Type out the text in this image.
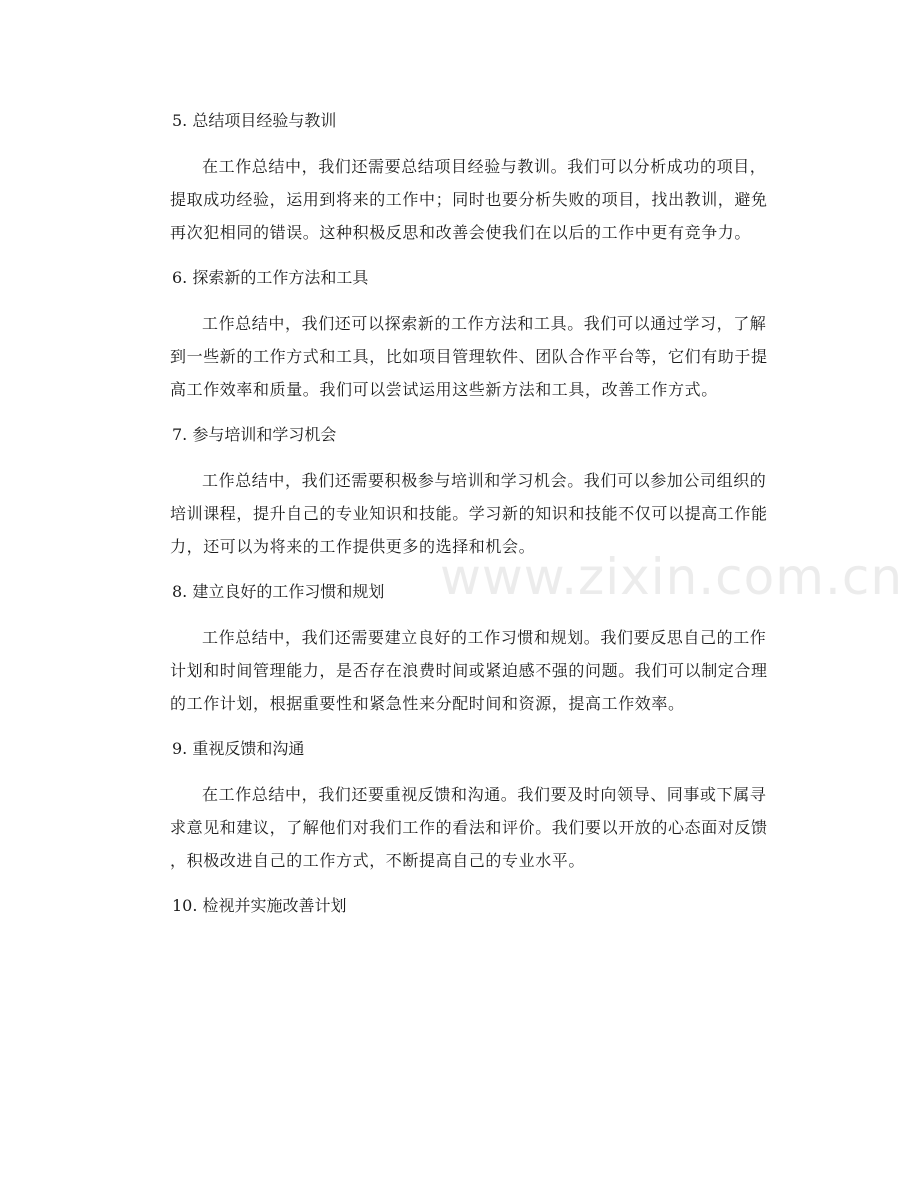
5. 总结项目经验与教训

在工作总结中，我们还需要总结项目经验与教训。我们可以分析成功的项目，
提取成功经验，运用到将来的工作中；同时也要分析失败的项目，找出教训，避免
再次犯相同的错误。这种积极反思和改善会使我们在以后的工作中更有竞争力。

6. 探索新的工作方法和工具

工作总结中，我们还可以探索新的工作方法和工具。我们可以通过学习，了解
到一些新的工作方式和工具，比如项目管理软件、团队合作平台等，它们有助于提
高工作效率和质量。我们可以尝试运用这些新方法和工具，改善工作方式。

7. 参与培训和学习机会

工作总结中，我们还需要积极参与培训和学习机会。我们可以参加公司组织的
培训课程，提升自己的专业知识和技能。学习新的知识和技能不仅可以提高工作能
力，还可以为将来的工作提供更多的选择和机会。

8. 建立良好的工作习惯和规划

工作总结中，我们还需要建立良好的工作习惯和规划。我们要反思自己的工作
计划和时间管理能力，是否存在浪费时间或紧迫感不强的问题。我们可以制定合理
的工作计划，根据重要性和紧急性来分配时间和资源，提高工作效率。

9. 重视反馈和沟通

在工作总结中，我们还要重视反馈和沟通。我们要及时向领导、同事或下属寻
求意见和建议，了解他们对我们工作的看法和评价。我们要以开放的心态面对反馈
，积极改进自己的工作方式，不断提高自己的专业水平。

10. 检视并实施改善计划
www.zixin.com.cn
